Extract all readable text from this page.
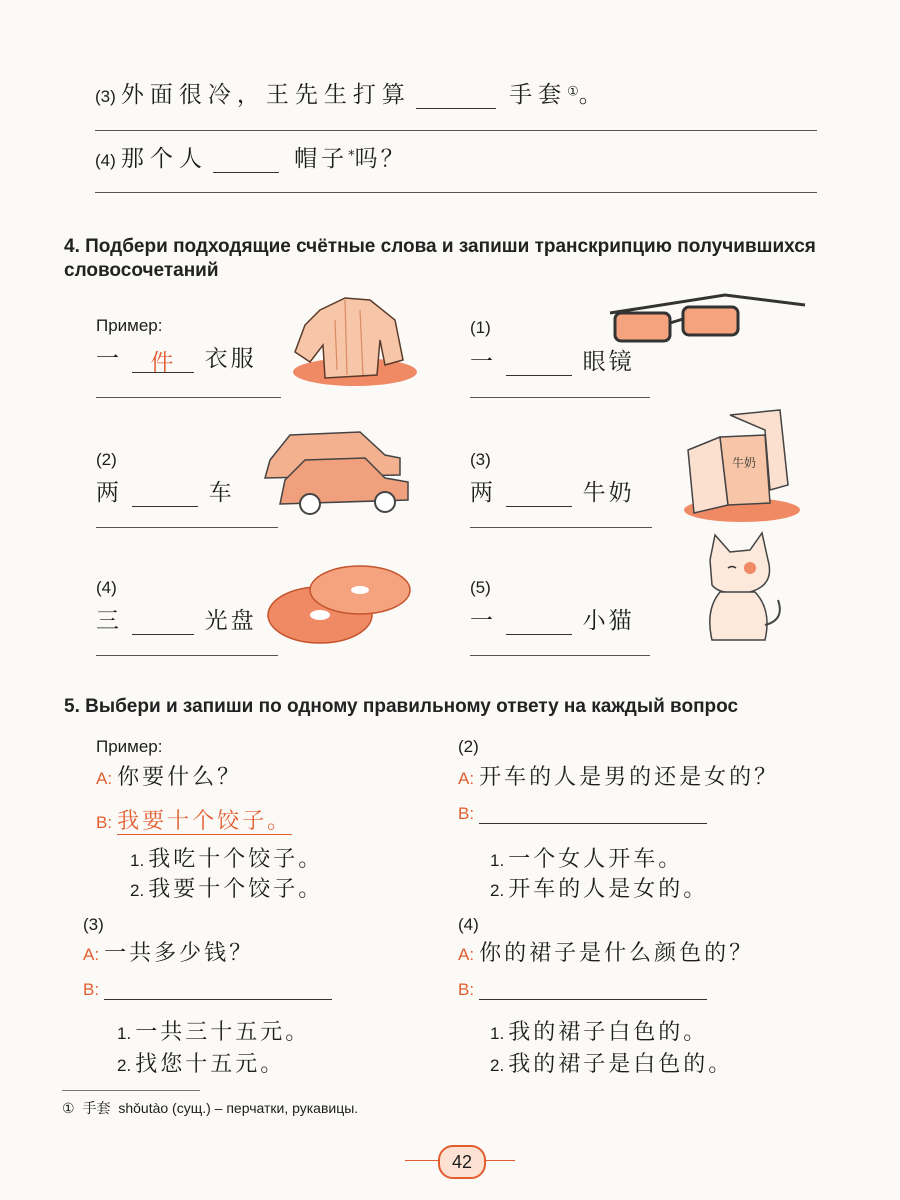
(3) 外面很冷，王先生打算	手套①。
(4) 那个人	帽子*吗？
4. Подбери подходящие счётные слова и запиши транскрипцию получившихся словосочетаний
Пример:
一 件 衣服
(1)
一	眼镜
(2)
两	车
(3)
两	牛奶
牛奶
(4)
三	光盘
(5)
一	小猫
5. Выбери и запиши по одному правильному ответу на каждый вопрос
Пример:
A: 你要什么？
B: 我要十个饺子。
1. 我吃十个饺子。
2. 我要十个饺子。
(2)
A: 开车的人是男的还是女的？
B:
1. 一个女人开车。
2. 开车的人是女的。
(3)
A: 一共多少钱？
B:
1. 一共三十五元。
2. 找您十五元。
(4)
A: 你的裙子是什么颜色的？
B:
1. 我的裙子白色的。
2. 我的裙子是白色的。
① 手套 shǒutào (сущ.) – перчатки, рукавицы.
42
